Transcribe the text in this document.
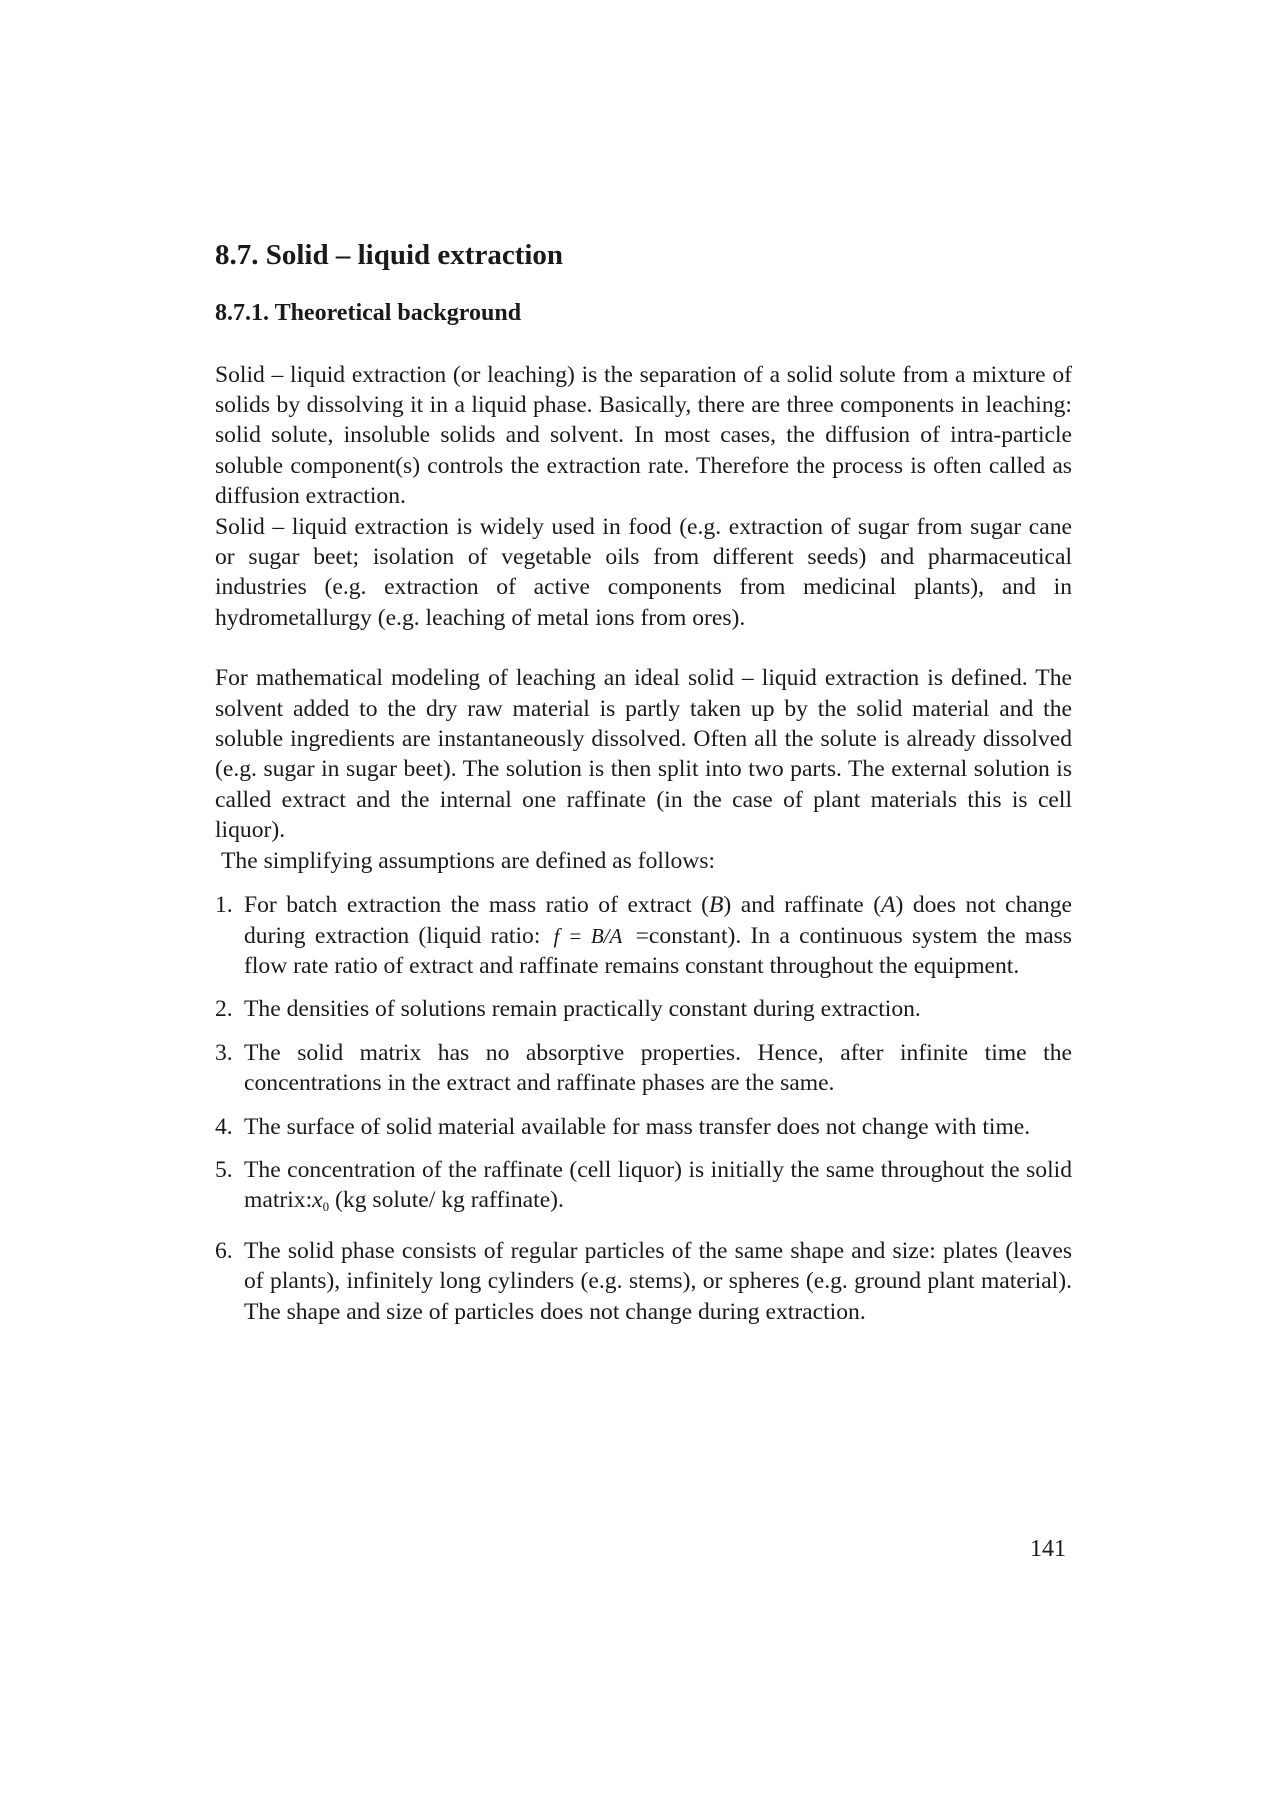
8.7. Solid – liquid extraction
8.7.1. Theoretical background

Solid – liquid extraction (or leaching) is the separation of a solid solute from a mixture of solids by dissolving it in a liquid phase. Basically, there are three components in leaching: solid solute, insoluble solids and solvent. In most cases, the diffusion of intra-particle soluble component(s) controls the extraction rate. Therefore the process is often called as diffusion extraction.

Solid – liquid extraction is widely used in food (e.g. extraction of sugar from sugar cane or sugar beet; isolation of vegetable oils from different seeds) and pharmaceutical industries (e.g. extraction of active components from medicinal plants), and in hydrometallurgy (e.g. leaching of metal ions from ores).

For mathematical modeling of leaching an ideal solid – liquid extraction is defined. The solvent added to the dry raw material is partly taken up by the solid material and the soluble ingredients are instantaneously dissolved. Often all the solute is already dissolved (e.g. sugar in sugar beet). The solution is then split into two parts. The external solution is called extract and the internal one raffinate (in the case of plant materials this is cell liquor).

The simplifying assumptions are defined as follows:

1. For batch extraction the mass ratio of extract (B) and raffinate (A) does not change during extraction (liquid ratio: f = B/A =constant). In a continuous system the mass flow rate ratio of extract and raffinate remains constant throughout the equipment.
2. The densities of solutions remain practically constant during extraction.
3. The solid matrix has no absorptive properties. Hence, after infinite time the concentrations in the extract and raffinate phases are the same.
4. The surface of solid material available for mass transfer does not change with time.
5. The concentration of the raffinate (cell liquor) is initially the same throughout the solid $matrix:x_0$ (kg solute/ kg raffinate).
6. The solid phase consists of regular particles of the same shape and size: plates (leaves of plants), infinitely long cylinders (e.g. stems), or spheres (e.g. ground plant material). The shape and size of particles does not change during extraction.
141
